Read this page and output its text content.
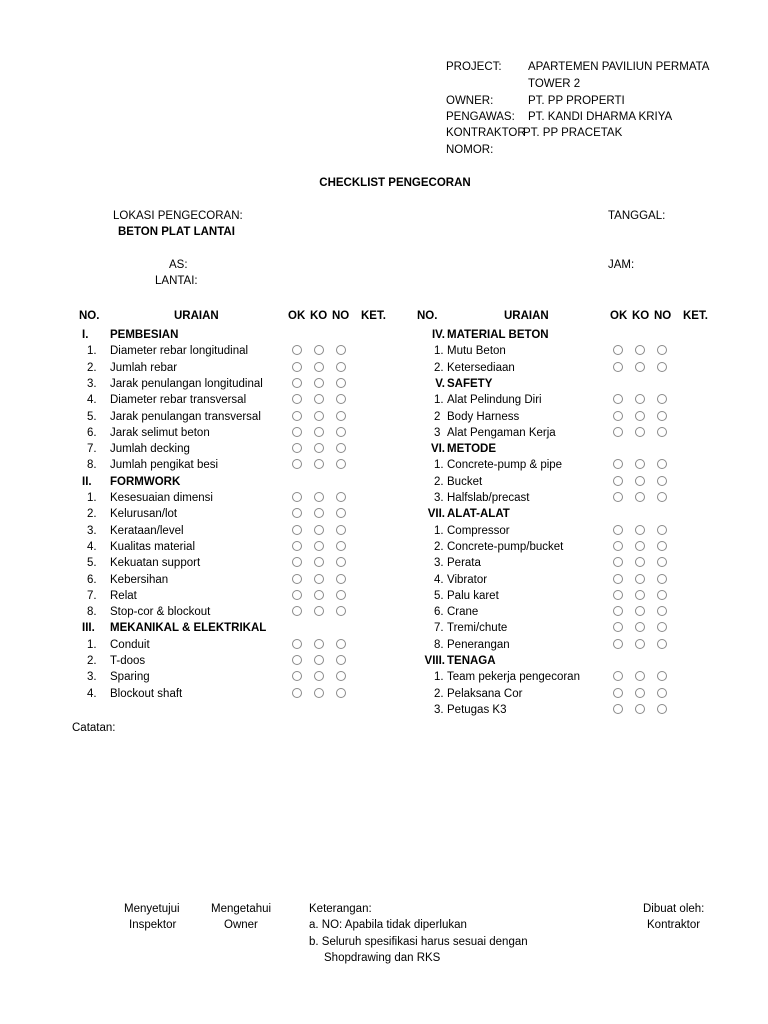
PROJECT: APARTEMEN PAVILIUN PERMATA
TOWER 2
OWNER:	PT. PP PROPERTI
PENGAWAS: PT. KANDI DHARMA KRIYA
KONTRAKTOR
PT. PP PRACETAK
NOMOR:
CHECKLIST PENGECORAN
LOKASI PENGECORAN:
BETON PLAT LANTAI
TANGGAL:
AS:	JAM:
LANTAI:
NO.	URAIAN	OK KO NO KET.	NO.	URAIAN	OK KO NO KET.
I. PEMBESIAN
1. Diameter rebar longitudinal
2. Jumlah rebar
3. Jarak penulangan longitudinal
4. Diameter rebar transversal
5. Jarak penulangan transversal
6. Jarak selimut beton
7. Jumlah decking
8. Jumlah pengikat besi
II. FORMWORK
1. Kesesuaian dimensi
2. Kelurusan/lot
3. Kerataan/level
4. Kualitas material
5. Kekuatan support
6. Kebersihan
7. Relat
8. Stop-cor & blockout
III. MEKANIKAL & ELEKTRIKAL
1. Conduit
2. T-doos
3. Sparing
4. Blockout shaft
IV. MATERIAL BETON
1. Mutu Beton
2. Ketersediaan
V. SAFETY
1. Alat Pelindung Diri
2 Body Harness
3 Alat Pengaman Kerja
VI. METODE
1. Concrete-pump & pipe
2. Bucket
3. Halfslab/precast
VII. ALAT-ALAT
1. Compressor
2. Concrete-pump/bucket
3. Perata
4. Vibrator
5. Palu karet
6. Crane
7. Tremi/chute
8. Penerangan
VIII. TENAGA
1. Team pekerja pengecoran
2. Pelaksana Cor
3. Petugas K3
Catatan:
Menyetujui
Inspektor
Mengetahui
Owner
Keterangan:
a. NO: Apabila tidak diperlukan
b. Seluruh spesifikasi harus sesuai dengan
Shopdrawing dan RKS
Dibuat oleh:
Kontraktor
